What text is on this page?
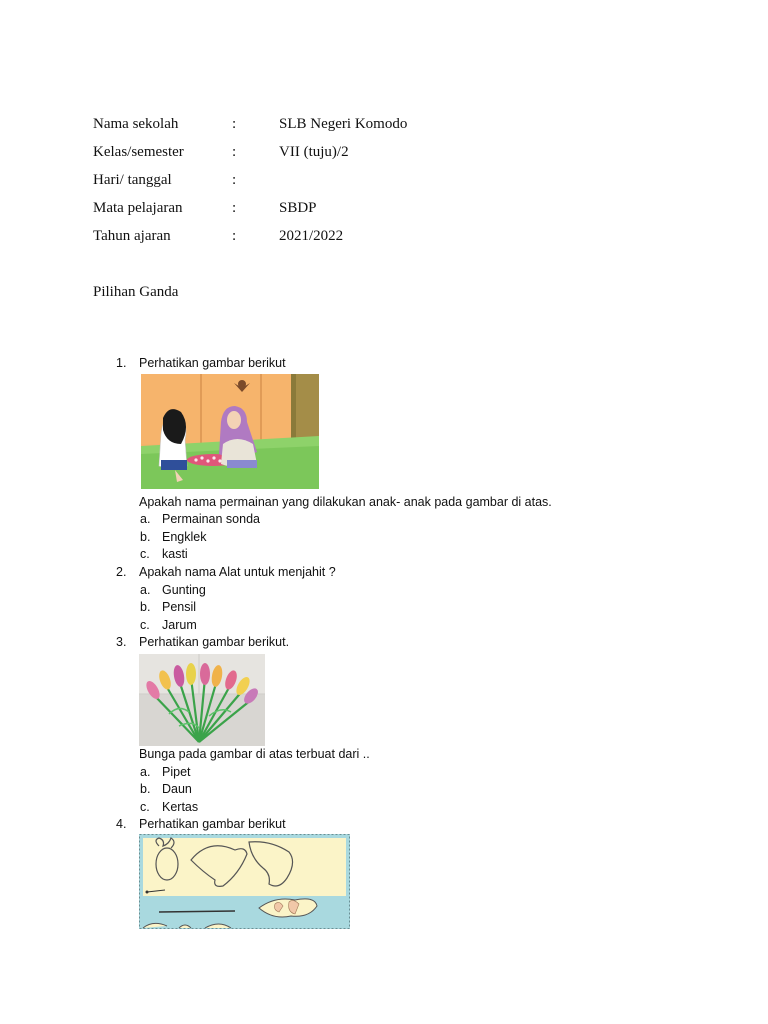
Nama sekolah	:	SLB Negeri Komodo
Kelas/semester	:	VII (tuju)/2
Hari/ tanggal	:
Mata pelajaran	:	SBDP
Tahun ajaran	:	2021/2022
Pilihan Ganda
1. Perhatikan gambar berikut
Apakah nama permainan yang dilakukan anak- anak pada gambar di atas.
a. Permainan sonda
b. Engklek
c. kasti
2. Apakah nama Alat untuk menjahit ?
a. Gunting
b. Pensil
c. Jarum
3. Perhatikan gambar berikut.
Bunga pada gambar di atas terbuat dari ..
a. Pipet
b. Daun
c. Kertas
4. Perhatikan gambar berikut
